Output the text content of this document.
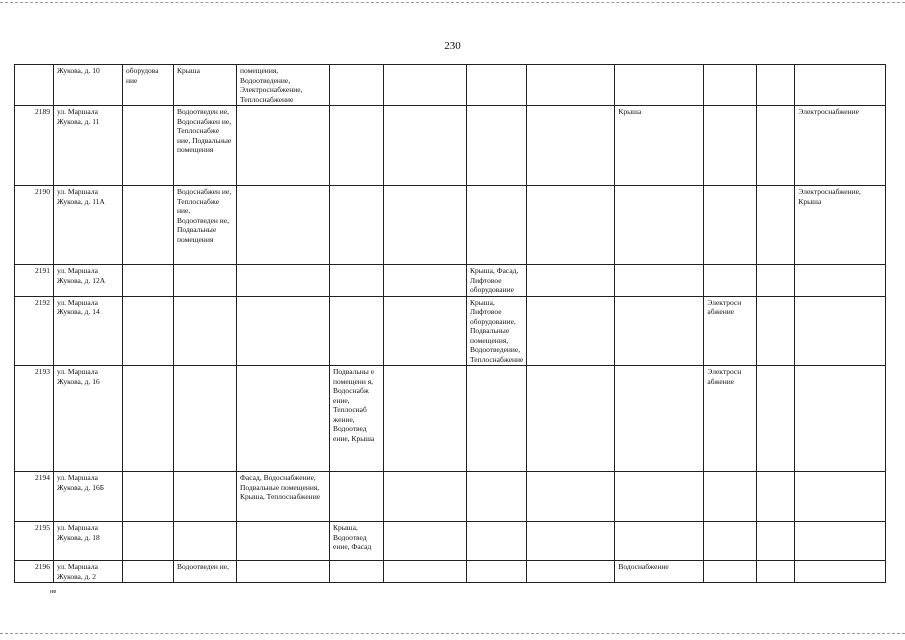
230
	Жукова, д. 10	оборудова ние	Крыша	помещения, Водоотведение, Электроснабжение, Теплоснабжение								
2189	ул. Маршала Жукова, д. 11		Водоотведен ие, Водоснабжен ие, Теплоснабже ние, Подвальные помещения						Крыша			Электроснабжение
2190	ул. Маршала Жукова, д. 11А		Водоснабжен ие, Теплоснабже ние, Водоотведен ие, Подвальные помещения									Электроснабжение, Крыша
2191	ул. Маршала Жукова, д. 12А						Крыша, Фасад, Лифтовое оборудование					
2192	ул. Маршала Жукова, д. 14						Крыша, Лифтовое оборудование, Подвальные помещения, Водоотведение, Теплоснабжение			Электросн абжение		
2193	ул. Маршала Жукова, д. 16				Подвальны е помещени я, Водоснабж ение, Теплоснаб жение, Водоотвед ение, Крыша					Электросн абжение		
2194	ул. Маршала Жукова, д. 16Б			Фасад, Водоснабжение, Подвальные помещения, Крыша, Теплоснабжение								
2195	ул. Маршала Жукова, д. 18				Крыша, Водоотвед ение, Фасад							
2196	ул. Маршала Жукова, д. 2		Водоотведен ие,						Водоснабжение			
нв
